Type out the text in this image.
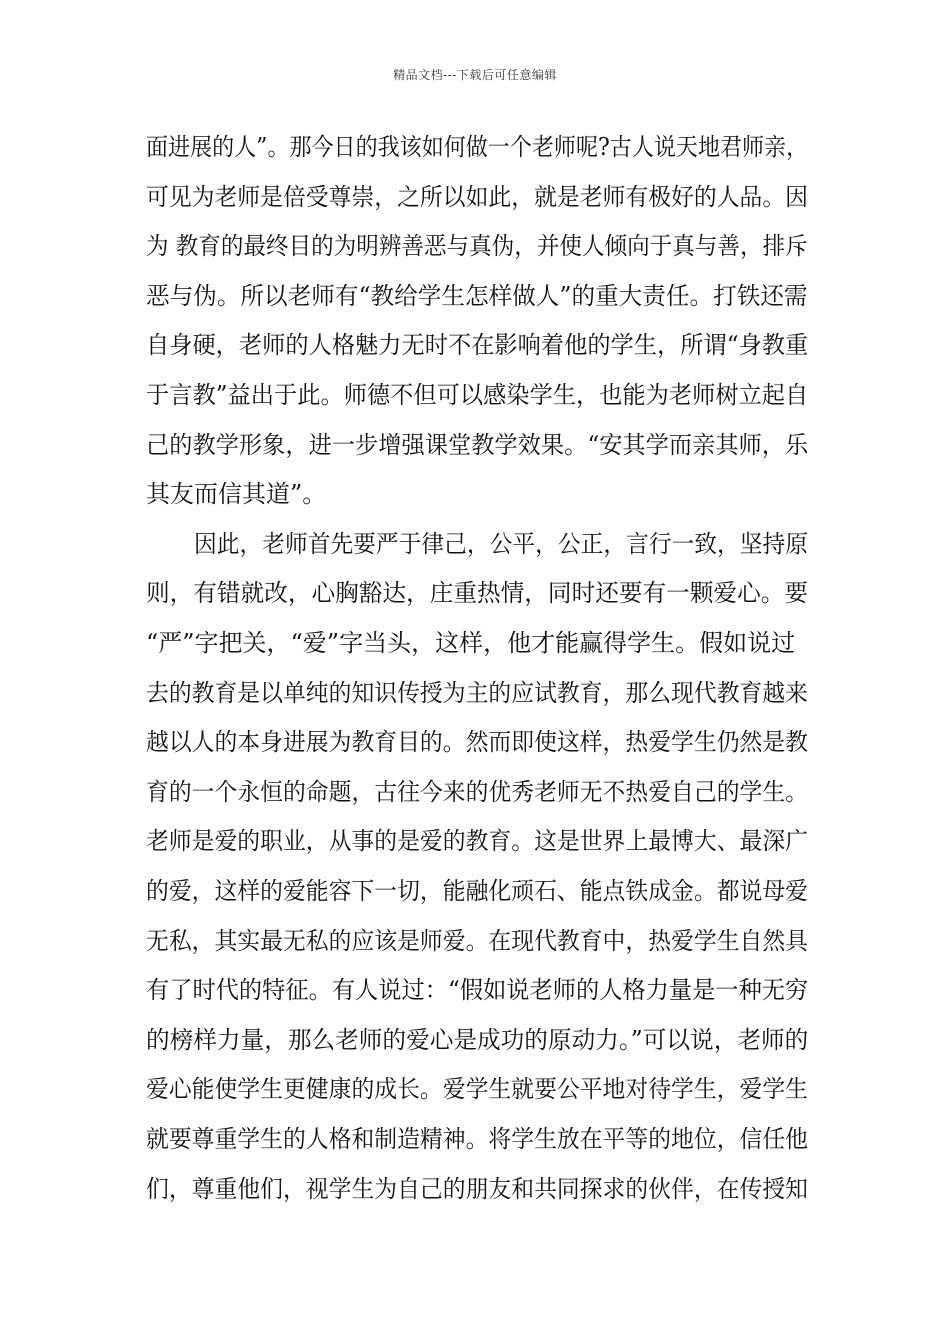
精品文档---下载后可任意编辑
面进展的人”。那今日的我该如何做一个老师呢?古人说天地君师亲，
可见为老师是倍受尊崇，之所以如此，就是老师有极好的人品。因
为 教育的最终目的为明辨善恶与真伪，并使人倾向于真与善，排斥
恶与伪。所以老师有“教给学生怎样做人”的重大责任。打铁还需
自身硬，老师的人格魅力无时不在影响着他的学生，所谓“身教重
于言教”益出于此。师德不但可以感染学生，也能为老师树立起自
己的教学形象，进一步增强课堂教学效果。“安其学而亲其师，乐
其友而信其道”。
因此，老师首先要严于律己，公平，公正，言行一致，坚持原
则，有错就改，心胸豁达，庄重热情，同时还要有一颗爱心。要
“严”字把关，“爱”字当头，这样，他才能赢得学生。假如说过
去的教育是以单纯的知识传授为主的应试教育，那么现代教育越来
越以人的本身进展为教育目的。然而即使这样，热爱学生仍然是教
育的一个永恒的命题，古往今来的优秀老师无不热爱自己的学生。
老师是爱的职业，从事的是爱的教育。这是世界上最博大、最深广
的爱，这样的爱能容下一切，能融化顽石、能点铁成金。都说母爱
无私，其实最无私的应该是师爱。在现代教育中，热爱学生自然具
有了时代的特征。有人说过：“假如说老师的人格力量是一种无穷
的榜样力量，那么老师的爱心是成功的原动力。”可以说，老师的
爱心能使学生更健康的成长。爱学生就要公平地对待学生，爱学生
就要尊重学生的人格和制造精神。将学生放在平等的地位，信任他
们，尊重他们，视学生为自己的朋友和共同探求的伙伴，在传授知
